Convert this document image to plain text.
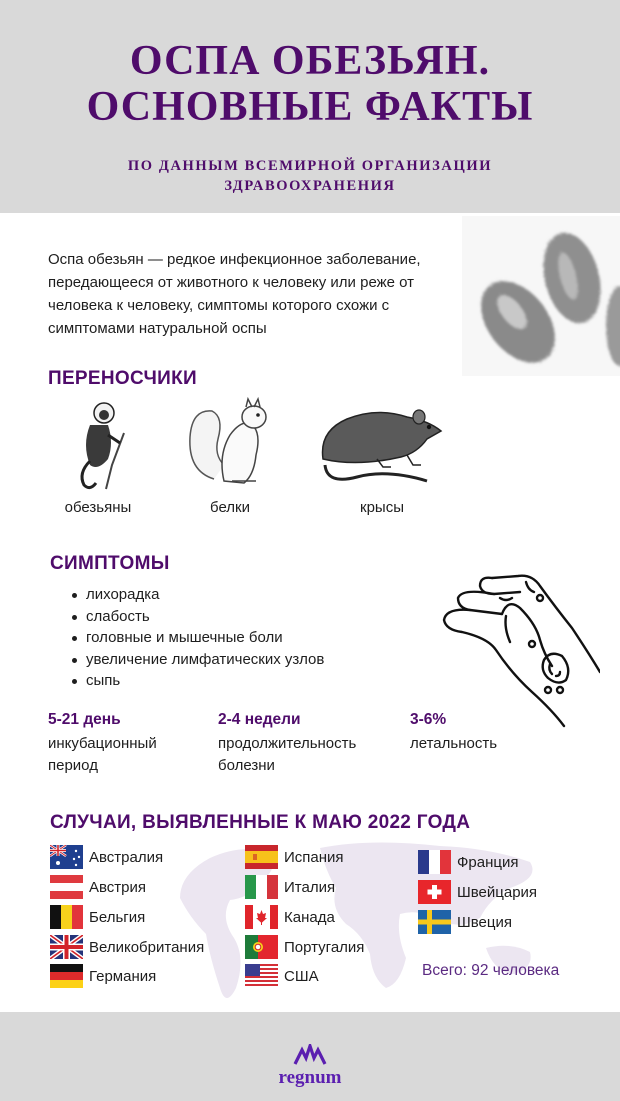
ОСПА ОБЕЗЬЯН.
ОСНОВНЫЕ ФАКТЫ
ПО ДАННЫМ ВСЕМИРНОЙ ОРГАНИЗАЦИИ
ЗДРАВООХРАНЕНИЯ

Оспа обезьян — редкое инфекционное заболевание, передающееся от животного к человеку или реже от человека к человеку, симптомы которого схожи с симптомами натуральной оспы

ПЕРЕНОСЧИКИ
обезьяны	белки	крысы
СИМПТОМЫ
лихорадка
слабость
головные и мышечные боли
увеличение лимфатических узлов
сыпь
5-21 день
инкубационный
период
2-4 недели
продолжительность
болезни
3-6%
летальность
СЛУЧАИ, ВЫЯВЛЕННЫЕ К МАЮ 2022 ГОДА
Австралия
Австрия
Бельгия
Великобритания
Германия
Испания
Италия
Канада
Португалия
США
Франция
Швейцария
Швеция
Всего: 92 человека
regnum
